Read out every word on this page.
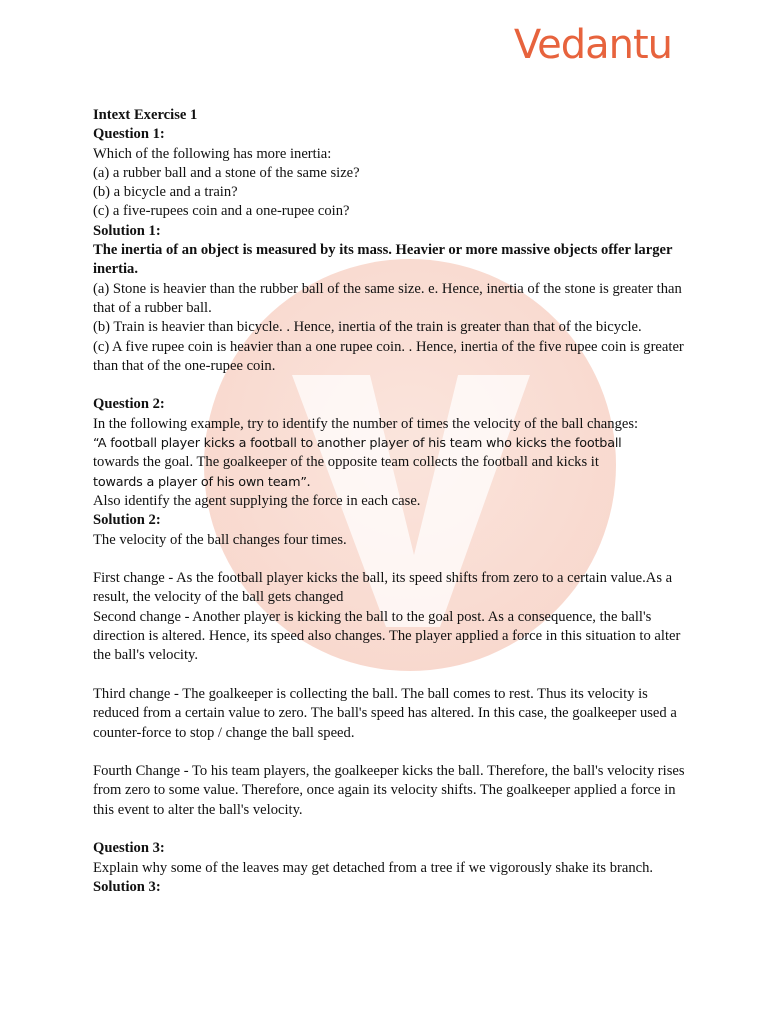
Vedantu

Intext Exercise 1

Question 1:

Which of the following has more inertia:

(a) a rubber ball and a stone of the same size?

(b) a bicycle and a train?

(c) a five-rupees coin and a one-rupee coin?

Solution 1:

The inertia of an object is measured by its mass. Heavier or more massive objects offer larger inertia.

(a) Stone is heavier than the rubber ball of the same size. e. Hence, inertia of the stone is greater than that of a rubber ball.

(b) Train is heavier than bicycle. . Hence, inertia of the train is greater than that of the bicycle.

(c) A five rupee coin is heavier than a one rupee coin. . Hence, inertia of the five rupee coin is greater than that of the one-rupee coin.

Question 2:

In the following example, try to identify the number of times the velocity of the ball changes:

“A football player kicks a football to another player of his team who kicks the football

towards the goal. The goalkeeper of the opposite team collects the football and kicks it

towards a player of his own team”.

Also identify the agent supplying the force in each case.

Solution 2:

The velocity of the ball changes four times.

First change - As the football player kicks the ball, its speed shifts from zero to a certain value.As a result, the velocity of the ball gets changed

Second change - Another player is kicking the ball to the goal post. As a consequence, the ball's direction is altered. Hence, its speed also changes. The player applied a force in this situation to alter the ball's velocity.

Third change - The goalkeeper is collecting the ball. The ball comes to rest. Thus its velocity is reduced from a certain value to zero. The ball's speed has altered. In this case, the goalkeeper used a counter-force to stop / change the ball speed.

Fourth Change - To his team players, the goalkeeper kicks the ball. Therefore, the ball's velocity rises from zero to some value. Therefore, once again its velocity shifts. The goalkeeper applied a force in this event to alter the ball's velocity.

Question 3:

Explain why some of the leaves may get detached from a tree if we vigorously shake its branch.

Solution 3:
